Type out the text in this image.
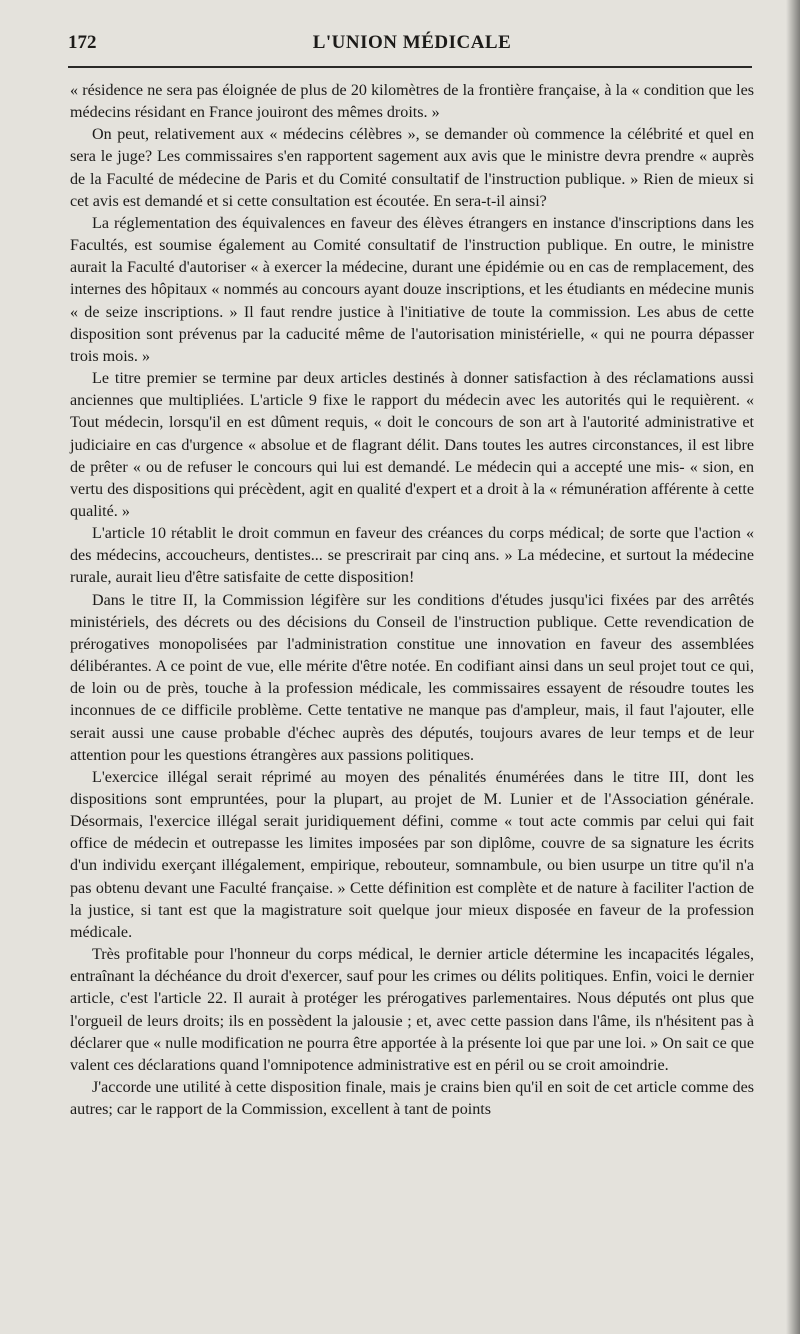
172	L'UNION MÉDICALE

« résidence ne sera pas éloignée de plus de 20 kilomètres de la frontière française, à la « condition que les médecins résidant en France jouiront des mêmes droits. »

On peut, relativement aux « médecins célèbres », se demander où commence la célébrité et quel en sera le juge? Les commissaires s'en rapportent sagement aux avis que le ministre devra prendre « auprès de la Faculté de médecine de Paris et du Comité consultatif de l'instruction publique. » Rien de mieux si cet avis est demandé et si cette consultation est écoutée. En sera-t-il ainsi?

La réglementation des équivalences en faveur des élèves étrangers en instance d'inscriptions dans les Facultés, est soumise également au Comité consultatif de l'instruction publique. En outre, le ministre aurait la Faculté d'autoriser « à exercer la médecine, durant une épidémie ou en cas de remplacement, des internes des hôpitaux « nommés au concours ayant douze inscriptions, et les étudiants en médecine munis « de seize inscriptions. » Il faut rendre justice à l'initiative de toute la commission. Les abus de cette disposition sont prévenus par la caducité même de l'autorisation ministérielle, « qui ne pourra dépasser trois mois. »

Le titre premier se termine par deux articles destinés à donner satisfaction à des réclamations aussi anciennes que multipliées. L'article 9 fixe le rapport du médecin avec les autorités qui le requièrent. « Tout médecin, lorsqu'il en est dûment requis, « doit le concours de son art à l'autorité administrative et judiciaire en cas d'urgence « absolue et de flagrant délit. Dans toutes les autres circonstances, il est libre de prêter « ou de refuser le concours qui lui est demandé. Le médecin qui a accepté une mis- « sion, en vertu des dispositions qui précèdent, agit en qualité d'expert et a droit à la « rémunération afférente à cette qualité. »

L'article 10 rétablit le droit commun en faveur des créances du corps médical; de sorte que l'action « des médecins, accoucheurs, dentistes... se prescrirait par cinq ans. » La médecine, et surtout la médecine rurale, aurait lieu d'être satisfaite de cette disposition!

Dans le titre II, la Commission légifère sur les conditions d'études jusqu'ici fixées par des arrêtés ministériels, des décrets ou des décisions du Conseil de l'instruction publique. Cette revendication de prérogatives monopolisées par l'administration constitue une innovation en faveur des assemblées délibérantes. A ce point de vue, elle mérite d'être notée. En codifiant ainsi dans un seul projet tout ce qui, de loin ou de près, touche à la profession médicale, les commissaires essayent de résoudre toutes les inconnues de ce difficile problème. Cette tentative ne manque pas d'ampleur, mais, il faut l'ajouter, elle serait aussi une cause probable d'échec auprès des députés, toujours avares de leur temps et de leur attention pour les questions étrangères aux passions politiques.

L'exercice illégal serait réprimé au moyen des pénalités énumérées dans le titre III, dont les dispositions sont empruntées, pour la plupart, au projet de M. Lunier et de l'Association générale. Désormais, l'exercice illégal serait juridiquement défini, comme « tout acte commis par celui qui fait office de médecin et outrepasse les limites imposées par son diplôme, couvre de sa signature les écrits d'un individu exerçant illégalement, empirique, rebouteur, somnambule, ou bien usurpe un titre qu'il n'a pas obtenu devant une Faculté française. » Cette définition est complète et de nature à faciliter l'action de la justice, si tant est que la magistrature soit quelque jour mieux disposée en faveur de la profession médicale.

Très profitable pour l'honneur du corps médical, le dernier article détermine les incapacités légales, entraînant la déchéance du droit d'exercer, sauf pour les crimes ou délits politiques. Enfin, voici le dernier article, c'est l'article 22. Il aurait à protéger les prérogatives parlementaires. Nous députés ont plus que l'orgueil de leurs droits; ils en possèdent la jalousie ; et, avec cette passion dans l'âme, ils n'hésitent pas à déclarer que « nulle modification ne pourra être apportée à la présente loi que par une loi. » On sait ce que valent ces déclarations quand l'omnipotence administrative est en péril ou se croit amoindrie.

J'accorde une utilité à cette disposition finale, mais je crains bien qu'il en soit de cet article comme des autres; car le rapport de la Commission, excellent à tant de points
